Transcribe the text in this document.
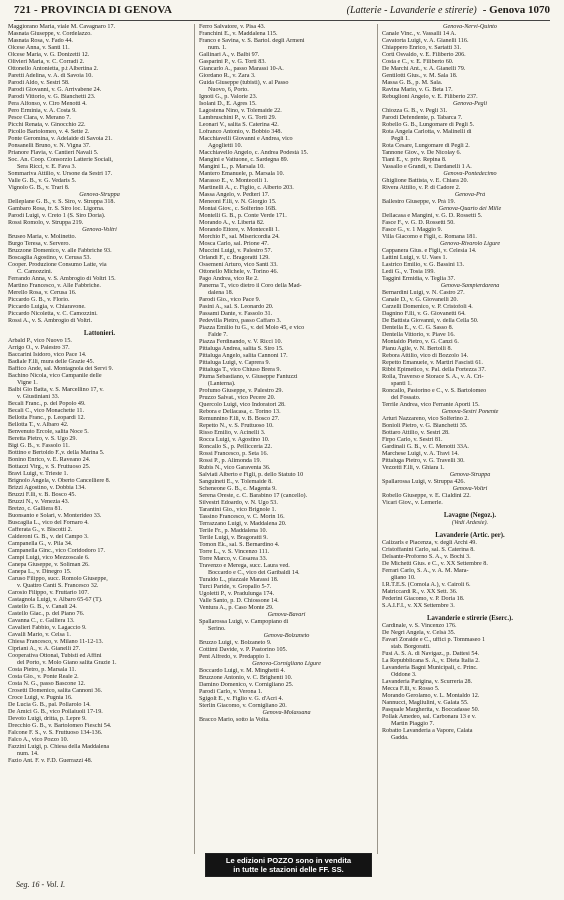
721 - PROVINCIA DI GENOVA	(Latterie - Lavanderie e stirerie) - Genova 1070
Maggiorano Maria, viale M. Cavagnaro 17.
Masnata Giuseppe, v. Cordelazzo.
Masnata Rosa, v. Fado 44.
Olcese Anna, v. Santi 11.
Olcese Maria, v. G. Donizetti 12.
Olivieri Maria, v. C. Corradi 2.
Ottonello Antonietta, p.t Albertina 2.
Paretti Adelina, v. A. di Savoia 10.
Parodi Aldo, v. Sestri 58.
Parodi Giovanni, v. G. Arrivabene 24.
Parodi Vittorio, v. G. Bianchetti 23.
Pera Alfonso, v. Ciro Menotti 4.
Pero Erminia, v. A. Costa 9.
Pesce Clara, v. Merano 7.
Picchi Renata, v. Ginocchio 22.
Picollo Bartolomeo, v. 4. Sette 2.
Ponte Geromina, v. Adelaide di Savoia 21.
Ponsanelli Bruno, v. N. Vigna 37.
Prianore Flavia, v. Cantieri Navali 5.
Soc. An. Coop. Consorzio Latterie Sociali,
Sera Ricci, v. E. Fava 3.
Sommariva Attilio, v. Ursone da Sestri 17.
Valle G. B., v. G. Vedaris 5.
Vignolo G. B., v. Trari 8.
Genova-Struppa
Delleplane G. B., v. S. Siro, v. Struppa 318.
Gambaro Rosa, fr. S. Siro loc. Ligorna.
Parodi Luigi, v. Creto 1 (S. Siro Doria).
Rossi Romolo, v. Struppa 219.
Genova-Voltri
Bruseo Maria, v. Molinetto.
Burgo Teresa, v. Servero.
Bruzzone Domenico, v. alle Fabbriche 93.
Boscaglia Agostino, v. Cerusa 53.
Cooper. Produzione Consumo Latte, via
C. Camozzini.
Ferrando Anna, v. S. Ambrogio di Voltri 15.
Martino Francesco, v. Alle Fabbriche.
Merello Rosa, v. Cerusa 16.
Piccardo G. B., v. Florio.
Piccardo Luigia, v. Chiaravone.
Piccardo Nicoletta, v. C. Camozzini.
Rossi A., v. S. Ambrogio di Voltri.
Lattonieri.
Arbald P., vico Nuovo 15.
Arrigo O., v. Palestro 37.
Baccarini Isidoro, vico Pace 14.
Badiale F.lli, mura delle Grazie 45.
Baffico Ande, sal. Montagnola dei Servi 9.
Bachino Nicola, vico Campanile delle
Vigne 1.
Balbi Gio Batta, v. S. Marcellino 17, v.
v. Giustiniani 33.
Becali Franc., p. del Popolo 49.
Becali C., vico Monachette 11.
Bellotta Franc., p. Leopardi 12.
Bellotta T., v. Albaro 42.
Benvenuto Ercole, salita Noce 5.
Beretta Pietro, v. S. Ugo 29.
Bigi G. B., v. Fassolo 11.
Bottino e Bertoldo F.,v. della Marina 5.
Bonino Enrico, v. E. Raveano 24.
Bottazzi Virg., v. S. Fruttuoso 25.
Bravi Luigi, v. Trieste 1.
Brignolo Angela, v. Oberto Cancelliere 8.
Brizzi Agostino, v. Dobbia 134.
Bruzzi F.lli, v. B. Bosco 45.
Bruzzi N., v. Venezia 43.
Bretzo, c. Galliera 81.
Buonsanto e Solari, v. Monterideo 33.
Buscaglia L., vico del Fornaro 4.
Cafferata G., v. Biscotti 2.
Calderoni G. B., v. del Campo 3.
Campanella G., v. Pila 34.
Campanella Ginc., vico Coridodoro 17.
Campi Luigi, vico Mezzoscale 6.
Canepa Giuseppe, v. Soliman 26.
Canepa L., v. Dinegro 15.
Caruso Filippo, succ. Romolo Giuseppe,
v. Quattro Canti S. Francesco 32.
Carosio Filippo, v. Fruttario 107.
Castagnola Luigi, v. Albaro 65-67 (T).
Castello G. B., v. Canali 24.
Castello Giac., p. del Piano 76.
Cavanna C., c. Galliera 13.
Cavalieri Fabbio, v. Lagaccio 9.
Cavalli Mario, v. Celsa 1.
Chiesa Francesco, v. Milano 11-12-13.
Cipriani A., v. A. Gianelli 27.
Cooperativa Ottonai, Tubisti ed Affini
del Porto, v. Molo Giano salita Grazie 1.
Costa Pietro, p. Marsala 11.
Costa Gio., v. Ponte Reale 2.
Costa N. G., passo Bascone 12.
Crosetti Domenico, salita Cannoni 36.
Croce Luigi, v. Pugnia 16.
De Lucia G. B., pal. Pollarolo 14.
De Amici G. B., vico Pollaiuoli 17-19.
Devoto Luigi, dritta, p. Lepre 9.
Drecchio G. B., v. Bartolomeo Fieschi 54.
Falcone F. S., v. S. Fruttuoso 134-136.
Falco A., vico Pozzo 10.
Fazzini Luigi, p. Chiesa della Maddalena
num. 14.
Fazio Ant. F. v. F.D. Guerrazzi 48.
Ferro Salvatore, v. Pisa 43.
Franchini E., v. Maddalena 115.
Franco e Savina, v. S. Bartol. degli Armeni
num. 1.
Gallinari A., v. Balbi 97.
Gasparini P., v. G. Torti 83.
Giancarlo A., passo Marassi 10-A.
Giordano R., v. Zara 3.
Guida Giuseppe (tubisti), v. al Passo
Nuovo, 6, Porto.
Ignoti G., p. Valorie 23.
Isolani D., E. Agres 15.
Lagostena Nino, v. Tolemaide 22.
Lambruschini P., v. G. Torti 29.
Leonari V., salita S. Caterina 42.
Lofranco Antonio, v. Bobbio 348.
Macchiavelli Giovanni e Andrea, vico
Agoglietti 10.
Macchiavello Angelo, c. Andrea Podestà 15.
Mangini e Vattuone, c. Sardegna 89.
Mangini L., p. Marsala 10.
Mantero Emanuele, p. Marsala 10.
Marasso E., v. Montecelli 1.
Martinelli A., c. Figlio, c. Alberto 203.
Massa Angelo, v. Pedteri 17.
Meneoni F.lli, v. N. Giorgio 15.
Montai Giov., c. Solferino 16B.
Montelli G. B., p. Conte Verde 171.
Morando A., v. Libertà 82.
Morando Ettore, v. Montecelli 1.
Morchio F., sal. Misericordia 24.
Mosca Carlo, sal. Prione 47.
Muccini Luigi, v. Palestro 57.
Orlandi F., c. Bragoratti 129.
Ossemeni Arturo, vico Santi 33.
Ottonello Michele, v. Torino 46.
Pago Andrea, vico Re 2.
Panerna T., vico dietro il Coro della Mad-
dalena 18.
Parodi Gio., vico Pace 9.
Pasini A., sal. S. Leonardo 20.
Passami Dante, v. Fassolo 31.
Pedevilla Pietro, passo Caffaro 3.
Piazza Emilio fu G., v. del Molo 45, e vico
Falde 7.
Piazza Ferdinando, v. V. Ricci 10.
Pittaluga Andrea, salita S. Siro 15.
Pittaluga Angelo, salita Cannoni 17.
Pittaluga Luigi, v. Caprera 9.
Pittaluga T., vico Chiuso Brera 9.
Piuma Sebastiano, v. Giuseppe Fantuzzi
(Lanterna).
Profumo Giuseppe, v. Palestro 29.
Pruzzo Salvat., vico Pecere 20.
Quercolo Luigi, vico Indoratori 28.
Rebora e Dellacasa, c. Torino 13.
Remunnino F.lli, v. B. Bosco 27.
Repetto N., v. S. Fruttuoso 10.
Risso Emilio, v. Acinelli 3.
Rocca Luigi, v. Agostino 10.
Roncallo S., p. Pellicceria 22.
Rossi Francesco, p. Seta 16.
Rossi P., p. Alimonda 19.
Rubis N., vico Garaventa 36.
Salviati Alberto e Figli, p. dello Statuto 10
Sanguineti E., v. Tolemaide 8.
Scheneone G. B., c. Magenta 9.
Serena Oreste, c. C. Barabino 17 (cancello).
Silvestri Edoardo, v. N. Ugo 53.
Tarantini Gio., vico Brignole 1.
Tassino Francesco, v. C. Morin 16.
Terrazzano Luigi, v. Maddalena 20.
Terile Fr., p. Maddalena 10.
Terile Luigi, v. Bragoratti 9.
Tomon Ek., sal. S. Bernardino 4.
Torre L., v. S. Vincenzo 111.
Torre Marco, v. Cesarea 33.
Travenzo e Merega, succ. Laura ved.
Boccardo e C., vico dei Garibaldi 14.
Turaldo L., piazzale Marassi 18.
Turci Paride, v. Gropallo 5-7.
Ugoletti P., v. Pradulunga 174.
Valle Santo, p. D. Chiossone 14.
Ventura A., p. Caso Monte 29.
Genova-Bavari
Spallarossa Luigi, v. Campopiano di
Serino.
Genova-Bolzaneto
Bruzzo Luigi, v. Bolzaneto 9.
Cottimi Davide, v. P. Pastorino 105.
Pent Alfredo, v. Predappio 1.
Genova-Cornigliano Ligure
Boccardo Luigi, v. M. Minghetti 4.
Bruzzone Antonio, v. C. Brighenti 10.
Damino Domenico, v. Cornigliano 25.
Parodi Carlo, v. Verona 1.
Sgigolt E., v. Figlio v. G. d'Acri 4.
Sterlin Giacomo, v. Cornigliano 20.
Genova-Molassana
Bracco Mario, sotto la Volta.
Genova-Nervi-Quinto
Canale Vinc., v. Vassalli 14 A.
Cavatorta Luigi, v. A. Gianelli 116.
Chiappero Enrico, v. Sartatti 31.
Corti Osvaldo, v. E. Filiberto 206.
Costa e C., v. E. Filiberto 60.
De Marchi Ant., v. A. Gianelli 79.
Gentilotti Gius., v. M. Sala 18.
Massa G. B., p. M. Sala.
Ravina Mario, v. G. Beta 17.
Rebuglioni Angelo, v. E. Filiberto 237.
Genova-Pegli
Chiozza G. B., v. Pegli 31.
Parodi Defendente, p. Tabarca 7.
Robello G. B., Lungomare di Pegli 5.
Rota Angela Carlotta, v. Malinelli di
Pegli 1.
Rota Cesare, Lungomare di Pegli 2.
Tannone Giov., v. De Nicolay 6.
Tiani E., v. priv. Repina 8.
Vassallo e Grandi, v. Dardanelli 1 A.
Genova-Pontedecimo
Ghiglione Battista, v. E. Chiara 20.
Rivera Attilio, v. P. di Cadore 2.
Genova-Prà
Ballestro Giuseppe, v. Prà 19.
Genova-Quarto dei Mille
Dellacasa e Mangini, v. G. D. Rossetti 5.
Fasce F., v. G. D. Rossetti 50.
Fasce G., v. 1 Maggio 9.
Villa Giacomo e Figli, c. Romana 181.
Genova-Rivarolo Ligure
Cappanera Gius. e Figli, v. Celesia 14.
Lattini Luigi, v. U. Vaes 1.
Lastrico Emilio, v. G. Bassini 13.
Ledi G., v. Tosia 199.
Taggini Ermidia, v. Teglia 37.
Genova-Sampierdarena
Bernardini Luigi, v. N. Castro 27.
Canale D., v. G. Giovanelli 20.
Carzelli Domenico, v. P. Cristofoli 4.
Dagnino F.lli, v. G. Giovanetti 64.
De Battista Giovanni, v. della Cella 50.
Dentella E., v. C. G. Sasso 8.
Dentella Vittorio, v. Piave 16.
Montaldo Pietro, v. G. Canzi 6.
Pianu Agile, v. N. Bertolli 8.
Rebora Attilio, vico di Bozzolo 14.
Repetto Emanuele, v. Martiri Fascisti 61.
Ribbi Epimetico, v. Pal. della Fortezza 37.
Rolla, Traverso e Storace S. A., v. A. Cri-
spanti 1.
Roncallo, Pastorino e C., v. S. Bartolomeo
del Fossato.
Terrile Andrea, vico Ferrante Aporti 15.
Genova-Sestri Ponente
Arturi Nazzareno, vico Solferino 2.
Bonioli Pietro, v. G. Bianchetti 35.
Bottaro Attilio, v. Sestri 28.
Firpo Carlo, v. Sestri 81.
Gardinali G. B., v. C. Menotti 33A.
Marchese Luigi, v. A. Travi 14.
Pittaluga Pietro, v. G. Travelli 30.
Vezzetti F.lli, v. Ghiara 1.
Genova-Struppa
Spallarossa Luigi, v. Struppa 426.
Genova-Voltri
Robello Giuseppe, v. E. Cialdini 22.
Vicari Giov., v. Lemerle.
Lavagne (Negoz.).
(Vedi Ardesie).
Lavanderie (Artic. per).
Calizarls e Piacenza, v. degli Archi 49.
Cristoffanini Carlo, sal. S. Caterina 8.
Delsante-Proforno S. A., v. Bochi 3.
De Michetti Gius. e C., v. XX Settembre 8.
Ferrari Carlo, S. A., v. A. M. Mara-
gliano 10.
I.R.T.E.S. (Comola A.), v. Cairoli 6.
Matriccardi R., v. XX Sett. 36.
Pederini Giacomo, v. P. Doria 18.
S.A.I.F.I., v. XX Settembre 3.
Lavanderie e stirerie (Eserc.).
Cardinale, v. S. Vincenzo 176.
De Negri Angela, v. Celsà 35.
Favari Zoraide e C., uffici p. Tommaseo 1
stab. Borgoratti.
Fusi A. S. A. di Navigaz., p. Dattesi 54.
La Repubblicana S. A., v. Dieta Italia 2.
Lavanderia Bagni Municipali, c. Princ.
Oddone 3.
Lavanderia Parigina, v. Scurreria 28.
Mecca F.lli, v. Rosso 5.
Morando Gerolamo, v. L. Montaldo 12.
Nannucci, Magliulini, v. Galata 55.
Pasquale Margherita, v. Boccadasse 50.
Pollak Amedeo, sal. Carbonara 13 e v.
Martin Piaggio 7.
Robatto Lavanderia a Vapore, Calata
Gadda.
Le edizioni POZZO sono in vendita
in tutte le stazioni delle FF. SS.
Seg. 16 - Vol. I.
